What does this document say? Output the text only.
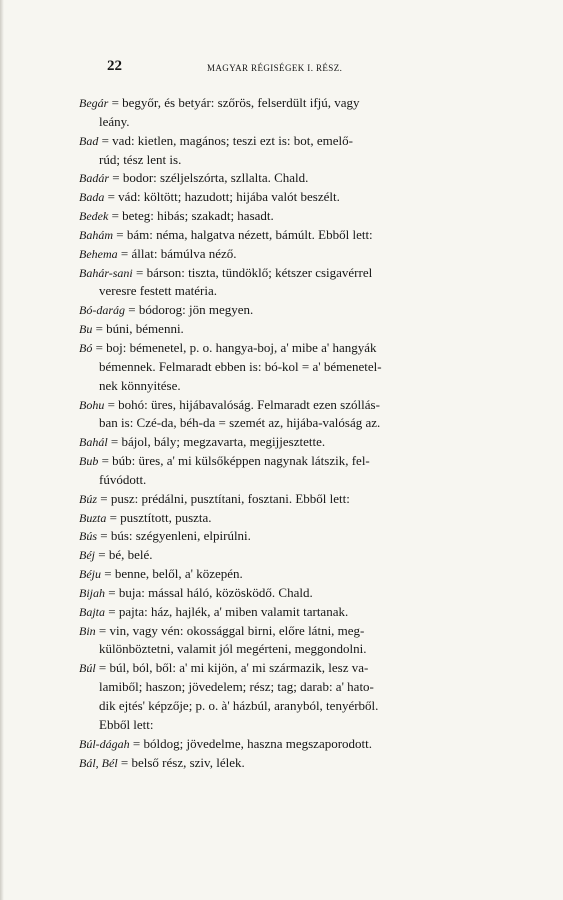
22	MAGYAR RÉGISÉGEK I. RÉSZ.
Begár = begyőr, és betyár: szőrös, felserdült ifjú, vagy
leány.
Bad = vad: kietlen, magános; teszi ezt is: bot, emelő-
rúd; tész lent is.
Badár = bodor: széljelszórta, szllalta. Chald.
Bada = vád: költött; hazudott; hijába valót beszélt.
Bedek = beteg: hibás; szakadt; hasadt.
Bahám = bám: néma, halgatva nézett, bámúlt. Ebből lett:
Behema = állat: bámúlva néző.
Bahár-sani = bárson: tiszta, tündöklő; kétszer csigavérrel
veresre festett matéria.
Bó-darág = bódorog: jön megyen.
Bu = búni, bémenni.
Bó = boj: bémenetel, p. o. hangya-boj, a' mibe a' hangyák
bémennek. Felmaradt ebben is: bó-kol = a' bémenetel-
nek könnyitése.
Bohu = bohó: üres, hijábavalóság. Felmaradt ezen szóllás-
ban is: Czé-da, béh-da = szemét az, hijába-valóság az.
Bahál = bájol, bály; megzavarta, megijjesztette.
Bub = búb: üres, a' mi külsőképpen nagynak látszik, fel-
fúvódott.
Búz = pusz: prédálni, pusztítani, fosztani. Ebből lett:
Buzta = pusztított, puszta.
Bús = bús: szégyenleni, elpirúlni.
Béj = bé, belé.
Béju = benne, belől, a' közepén.
Bijah = buja: mással háló, közösködő. Chald.
Bajta = pajta: ház, hajlék, a' miben valamit tartanak.
Bin = vin, vagy vén: okossággal birni, előre látni, meg-
különböztetni, valamit jól megérteni, meggondolni.
Búl = búl, ból, ből: a' mi kijön, a' mi származik, lesz va-
lamiből; haszon; jövedelem; rész; tag; darab: a' hato-
dik ejtés' képzője; p. o. à' házbúl, aranyból, tenyérből.
Ebből lett:
Búl-dágah = bóldog; jövedelme, haszna megszaporodott.
Bál, Bél = belső rész, sziv, lélek.
